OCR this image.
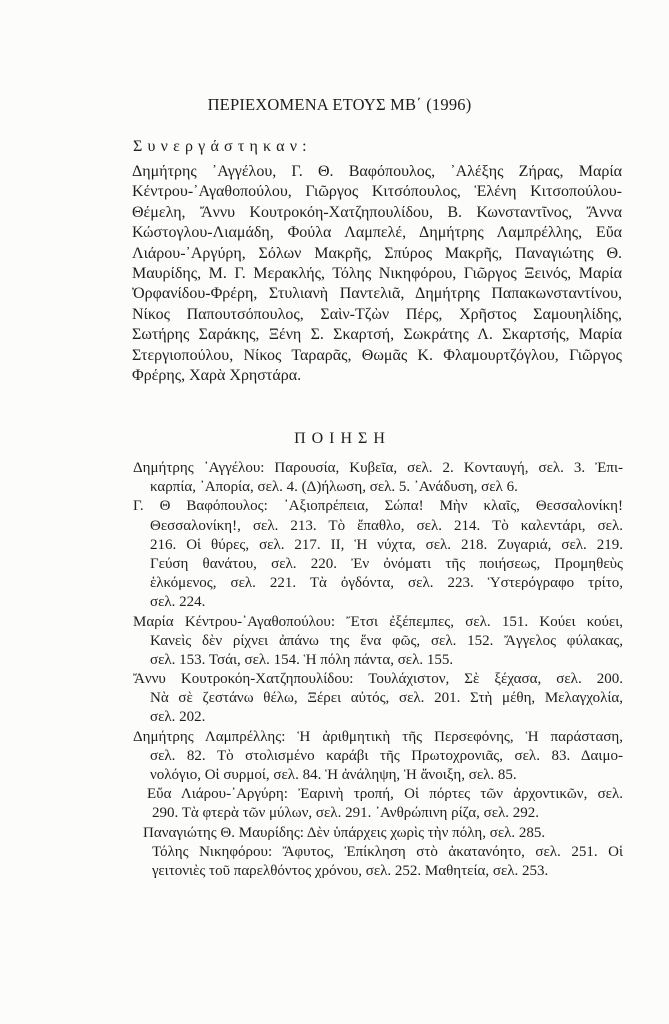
ΠΕΡΙΕΧΟΜΕΝΑ ΕΤΟΥΣ ΜΒ΄ (1996)
Συνεργάστηκαν:
Δημήτρης ᾽Αγγέλου, Γ. Θ. Βαφόπουλος, ᾽Αλέξης Ζήρας, Μαρία
Κέντρου-᾽Αγαθοπούλου, Γιῶργος Κιτσόπουλος, Ἑλένη Κιτσοπούλου-
Θέμελη, Ἄννυ Κουτροκόη-Χατζηπουλίδου, Β. Κωνσταντῖνος, Ἄννα
Κώστογλου-Λιαμάδη, Φούλα Λαμπελέ, Δημήτρης Λαμπρέλλης, Εὔα
Λιάρου-᾽Αργύρη, Σόλων Μακρῆς, Σπύρος Μακρῆς, Παναγιώτης Θ.
Μαυρίδης, Μ. Γ. Μερακλής, Τόλης Νικηφόρου, Γιῶργος Ξεινός, Μαρία
Ὀρφανίδου-Φρέρη, Στυλιανὴ Παντελιᾶ, Δημήτρης Παπακωνσταντίνου,
Νίκος Παπουτσόπουλος, Σαὶν-Τζὼν Πέρς, Χρῆστος Σαμουηλίδης,
Σωτήρης Σαράκης, Ξένη Σ. Σκαρτσή, Σωκράτης Λ. Σκαρτσής, Μαρία
Στεργιοπούλου, Νίκος Ταραρᾶς, Θωμᾶς Κ. Φλαμουρτζόγλου, Γιῶργος
Φρέρης, Χαρὰ Χρηστάρα.
ΠΟΙΗΣΗ
Δημήτρης ᾽Αγγέλου: Παρουσία, Κυβεῖα, σελ. 2. Κονταυγή, σελ. 3. Ἐπι-
καρπία, ᾽Απορία, σελ. 4. (Δ)ήλωση, σελ. 5. ᾽Ανάδυση, σελ 6.
Γ. Θ Βαφόπουλος: ᾽Αξιοπρέπεια, Σώπα! Μὴν κλαῖς, Θεσσαλονίκη!
Θεσσαλονίκη!, σελ. 213. Τὸ ἔπαθλο, σελ. 214. Τὸ καλεντάρι, σελ.
216. Οἱ θύρες, σελ. 217. II, Ἡ νύχτα, σελ. 218. Ζυγαριά, σελ. 219.
Γεύση θανάτου, σελ. 220. Ἐν ὀνόματι τῆς ποιήσεως, Προμηθεὺς
ἑλκόμενος, σελ. 221. Τὰ ὀγδόντα, σελ. 223. Ὑστερόγραφο τρίτο,
σελ. 224.
Μαρία Κέντρου-᾽Αγαθοπούλου: Ἔτσι ἐξέπεμπες, σελ. 151. Κούει κούει,
Κανεὶς δὲν ρίχνει ἀπάνω της ἕνα φῶς, σελ. 152. Ἄγγελος φύλακας,
σελ. 153. Τσάι, σελ. 154. Ἡ πόλη πάντα, σελ. 155.
Ἄννυ Κουτροκόη-Χατζηπουλίδου: Τουλάχιστον, Σὲ ξέχασα, σελ. 200.
Νὰ σὲ ζεστάνω θέλω, Ξέρει αὐτός, σελ. 201. Στὴ μέθη, Μελαγχολία,
σελ. 202.
Δημήτρης Λαμπρέλλης: Ἡ ἀριθμητικὴ τῆς Περσεφόνης, Ἡ παράσταση,
σελ. 82. Τὸ στολισμένο καράβι τῆς Πρωτοχρονιᾶς, σελ. 83. Δαιμο-
νολόγιο, Οἱ συρμοί, σελ. 84. Ἡ ἀνάληψη, Ἡ ἄνοιξη, σελ. 85.
Εὔα Λιάρου-᾽Αργύρη: Ἐαρινὴ τροπή, Οἱ πόρτες τῶν ἀρχοντικῶν, σελ.
290. Τὰ φτερὰ τῶν μύλων, σελ. 291. ᾽Ανθρώπινη ρίζα, σελ. 292.
Παναγιώτης Θ. Μαυρίδης: Δὲν ὑπάρχεις χωρὶς τὴν πόλη, σελ. 285.
Τόλης Νικηφόρου: Ἄφυτος, Ἐπίκληση στὸ ἀκατανόητο, σελ. 251. Οἱ
γειτονιὲς τοῦ παρελθόντος χρόνου, σελ. 252. Μαθητεία, σελ. 253.
